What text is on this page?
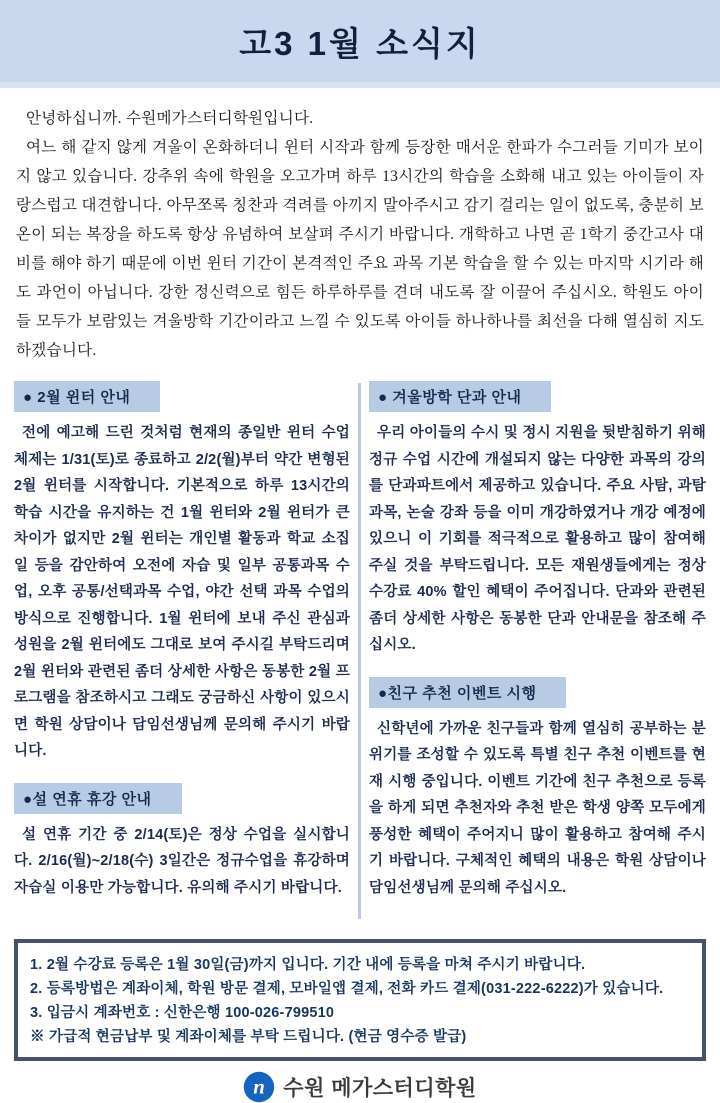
고3 1월 소식지

안녕하십니까. 수원메가스터디학원입니다.

여느 해 같지 않게 겨울이 온화하더니 윈터 시작과 함께 등장한 매서운 한파가 수그러들 기미가 보이지 않고 있습니다. 강추위 속에 학원을 오고가며 하루 13시간의 학습을 소화해 내고 있는 아이들이 자랑스럽고 대견합니다. 아무쪼록 칭찬과 격려를 아끼지 말아주시고 감기 걸리는 일이 없도록, 충분히 보온이 되는 복장을 하도록 항상 유념하여 보살펴 주시기 바랍니다. 개학하고 나면 곧 1학기 중간고사 대비를 해야 하기 때문에 이번 윈터 기간이 본격적인 주요 과목 기본 학습을 할 수 있는 마지막 시기라 해도 과언이 아닙니다. 강한 정신력으로 힘든 하루하루를 견뎌 내도록 잘 이끌어 주십시오. 학원도 아이들 모두가 보람있는 겨울방학 기간이라고 느낄 수 있도록 아이들 하나하나를 최선을 다해 열심히 지도하겠습니다.

● 2월 윈터 안내

전에 예고해 드린 것처럼 현재의 종일반 윈터 수업 체제는 1/31(토)로 종료하고 2/2(월)부터 약간 변형된 2월 윈터를 시작합니다. 기본적으로 하루 13시간의 학습 시간을 유지하는 건 1월 윈터와 2월 윈터가 큰 차이가 없지만 2월 윈터는 개인별 활동과 학교 소집일 등을 감안하여 오전에 자습 및 일부 공통과목 수업, 오후 공통/선택과목 수업, 야간 선택 과목 수업의 방식으로 진행합니다. 1월 윈터에 보내 주신 관심과 성원을 2월 윈터에도 그대로 보여 주시길 부탁드리며 2월 윈터와 관련된 좀더 상세한 사항은 동봉한 2월 프로그램을 참조하시고 그래도 궁금하신 사항이 있으시면 학원 상담이나 담임선생님께 문의해 주시기 바랍니다.

●설 연휴 휴강 안내

설 연휴 기간 중 2/14(토)은 정상 수업을 실시합니다. 2/16(월)~2/18(수) 3일간은 정규수업을 휴강하며 자습실 이용만 가능합니다. 유의해 주시기 바랍니다.

● 겨울방학 단과 안내

우리 아이들의 수시 및 정시 지원을 뒷받침하기 위해 정규 수업 시간에 개설되지 않는 다양한 과목의 강의를 단과파트에서 제공하고 있습니다. 주요 사탐, 과탐 과목, 논술 강좌 등을 이미 개강하였거나 개강 예정에 있으니 이 기회를 적극적으로 활용하고 많이 참여해 주실 것을 부탁드립니다. 모든 재원생들에게는 정상 수강료 40% 할인 혜택이 주어집니다. 단과와 관련된 좀더 상세한 사항은 동봉한 단과 안내문을 참조해 주십시오.

●친구 추천 이벤트 시행

신학년에 가까운 친구들과 함께 열심히 공부하는 분위기를 조성할 수 있도록 특별 친구 추천 이벤트를 현재 시행 중입니다. 이벤트 기간에 친구 추천으로 등록을 하게 되면 추천자와 추천 받은 학생 양쪽 모두에게 풍성한 혜택이 주어지니 많이 활용하고 참여해 주시기 바랍니다. 구체적인 혜택의 내용은 학원 상담이나 담임선생님께 문의해 주십시오.

1. 2월 수강료 등록은 1월 30일(금)까지 입니다. 기간 내에 등록을 마쳐 주시기 바랍니다.
2. 등록방법은 계좌이체, 학원 방문 결제, 모바일앱 결제, 전화 카드 결제(031-222-6222)가 있습니다.
3. 입금시 계좌번호 : 신한은행 100-026-799510
※ 가급적 현금납부 및 계좌이체를 부탁 드립니다. (현금 영수증 발급)
n 수원 메가스터디학원
